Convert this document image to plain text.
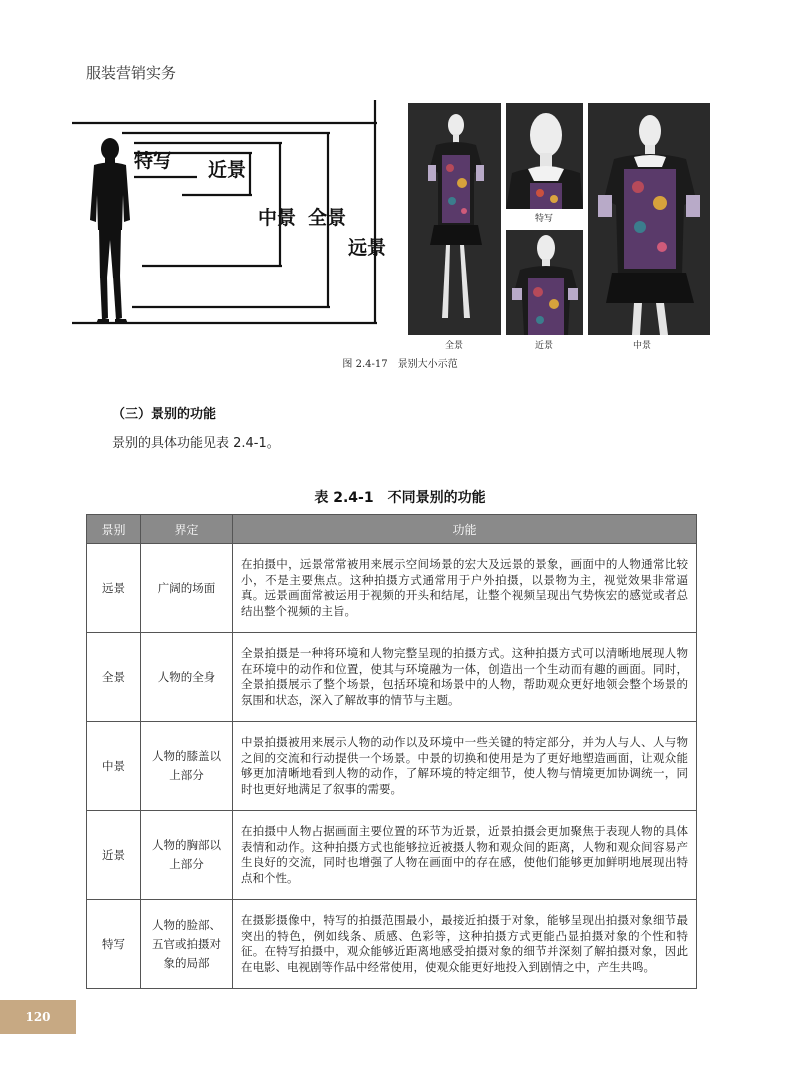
服装营销实务
特写 近景
中景 全景
远景
全景
特写
近景	中景
图 2.4-17　景别大小示范
（三）景别的功能
景别的具体功能见表 2.4-1。
表 2.4-1　不同景别的功能
景别	界定	功能
远景	广阔的场面	在拍摄中，远景常常被用来展示空间场景的宏大及远景的景象，画面中的人物通常比较小，不是主要焦点。这种拍摄方式通常用于户外拍摄，以景物为主，视觉效果非常逼真。远景画面常被运用于视频的开头和结尾，让整个视频呈现出气势恢宏的感觉或者总结出整个视频的主旨。
全景	人物的全身	全景拍摄是一种将环境和人物完整呈现的拍摄方式。这种拍摄方式可以清晰地展现人物在环境中的动作和位置，使其与环境融为一体，创造出一个生动而有趣的画面。同时，全景拍摄展示了整个场景，包括环境和场景中的人物，帮助观众更好地领会整个场景的氛围和状态，深入了解故事的情节与主题。
中景	人物的膝盖以上部分	中景拍摄被用来展示人物的动作以及环境中一些关键的特定部分，并为人与人、人与物之间的交流和行动提供一个场景。中景的切换和使用是为了更好地塑造画面，让观众能够更加清晰地看到人物的动作，了解环境的特定细节，使人物与情境更加协调统一，同时也更好地满足了叙事的需要。
近景	人物的胸部以上部分	在拍摄中人物占据画面主要位置的环节为近景，近景拍摄会更加聚焦于表现人物的具体表情和动作。这种拍摄方式也能够拉近被摄人物和观众间的距离，人物和观众间容易产生良好的交流，同时也增强了人物在画面中的存在感，使他们能够更加鲜明地展现出特点和个性。
特写	人物的脸部、五官或拍摄对象的局部	在摄影摄像中，特写的拍摄范围最小，最接近拍摄于对象，能够呈现出拍摄对象细节最突出的特色，例如线条、质感、色彩等，这种拍摄方式更能凸显拍摄对象的个性和特征。在特写拍摄中，观众能够近距离地感受拍摄对象的细节并深刻了解拍摄对象，因此在电影、电视剧等作品中经常使用，使观众能更好地投入到剧情之中，产生共鸣。
120
